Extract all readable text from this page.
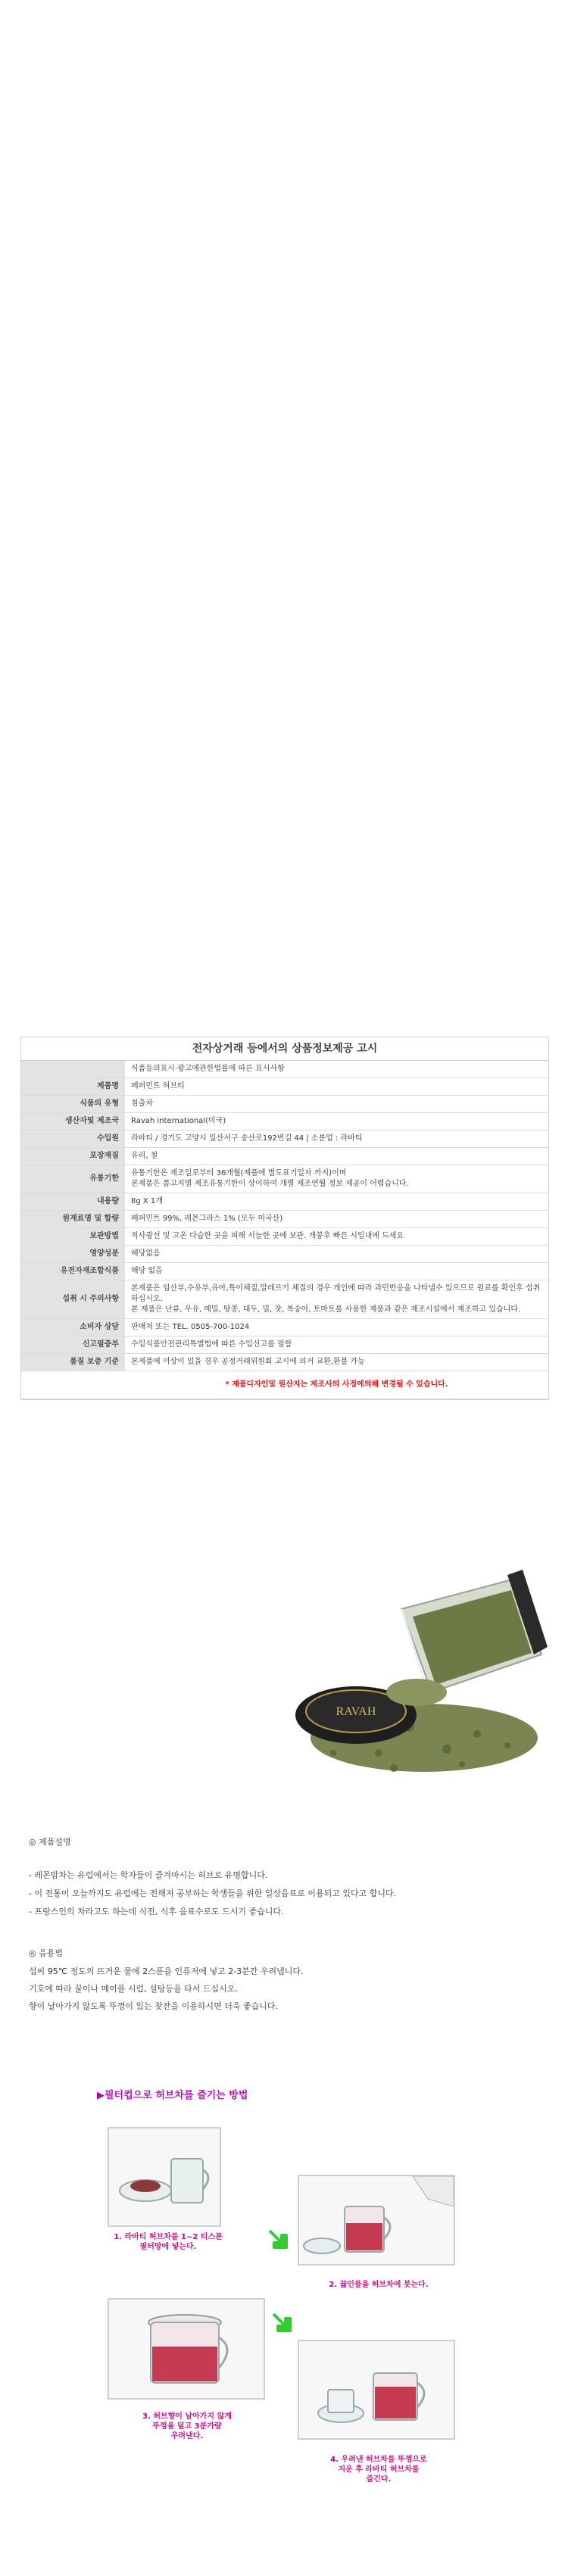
전자상거래 등에서의 상품정보제공 고시
	식품등의표시·광고에관한법률에 따른 표시사항
제품명	페퍼민트 허브티
식품의 유형	침출차
생산자및 제조국	Ravah international(미국)
수입원	라바티 / 경기도 고양시 일산서구 송산로192번길 44 | 소분업 : 라바티
포장재질	유리, 철
유통기한	유통기한은 제조일로부터 36개월(제품에 별도표기일자 까지)이며
본제품은 품고지별 제조유통기한이 상이하여 개별 제조연월 정보 제공이 어렵습니다.
내용량	8g X 1개
원재료명 및 함량	페퍼민트 99%, 레몬그라스 1% (모두 미국산)
보관방법	직사광선 및 고온 다습한 곳을 피해 서늘한 곳에 보관. 개봉후 빠른 시일내에 드세요
영양성분	해당없음
유전자재조합식품	해당 없음
섭취 시 주의사항	본제품은 임산부,수유부,유아,특이체질,알레르기 체질의 경우 개인에 따라 과민반응을 나타낼수 있으므로 원료를 확인후 섭취 하십시오.
본 제품은 난류, 우유, 메밀, 땅콩, 대두, 밀, 잣, 복숭아, 토마토를 사용한 제품과 같은 제조시설에서 제조하고 있습니다.
소비자 상담	판매처 또는 TEL. 0505-700-1024
신고필증부	수입식품안전관리특별법에 따른 수입신고를 필함
품질 보증 기준	본제품에 이상이 있을 경우 공정거래위원회 고시에 의거 교환,환불 가능
	* 제품디자인및 원산지는 제조사의 사정에의해 변경될 수 있습니다.
RAVAH

◎ 제품설명

- 레몬밤차는 유럽에서는 학자들이 즐겨마시는 허브로 유명합니다.

- 이 전통이 오늘까지도 유럽에는 전해져 공부하는 학생들을 위한 일상음료로 이용되고 있다고 합니다.

- 프랑스인의 차라고도 하는데 식전, 식후 음료수로도 드시기 좋습니다.

◎ 음용법

섭씨 95℃ 정도의 뜨거운 물에 2스푼을 인퓨저에 넣고 2-3분간 우려냅니다.

기호에 따라 꿀이나 메이플 시럽, 설탕등을 타서 드십시오.

향이 날아가지 않도록 뚜껑이 있는 찻잔을 이용하시면 더욱 좋습니다.

▶필터컵으로 허브차를 즐기는 방법
1. 라바티 허브차를 1~2 티스푼
필터망에 넣는다.
2. 끓인물을 허브차에 붓는다.
3. 허브향이 날아가지 않게
뚜껑을 덮고 3분가량
우려낸다.
4. 우려낸 허브차를 뚜껑으로
지운 후 라바티 허브차를
즐긴다.
